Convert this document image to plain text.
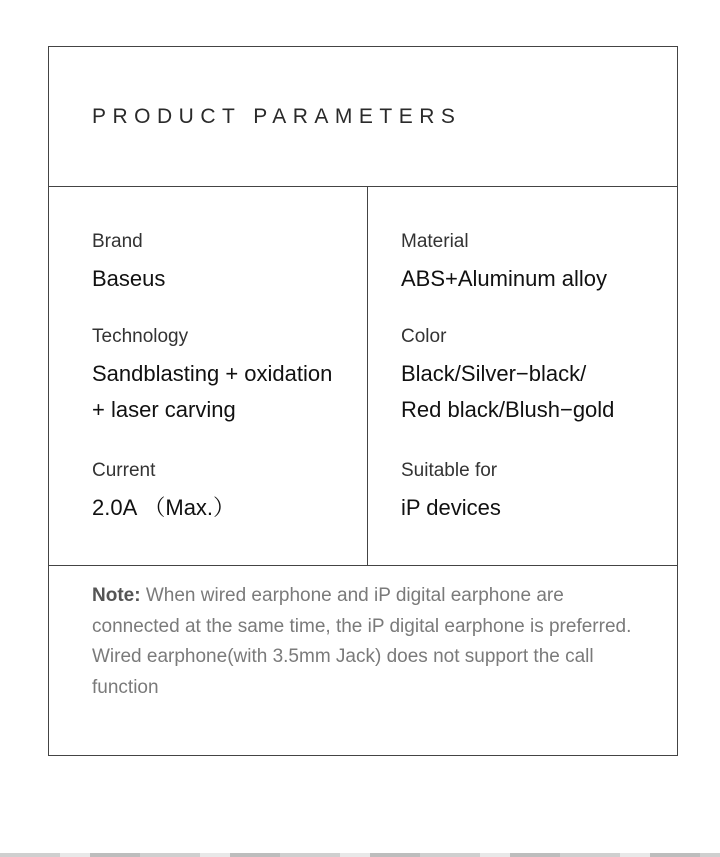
PRODUCT PARAMETERS
Brand
Baseus
Technology
Sandblasting + oxidation
+ laser carving
Current
2.0A （Max.）
Material
ABS+Aluminum alloy
Color
Black/Silver−black/
Red black/Blush−gold
Suitable for
iP devices
Note: When wired earphone and iP digital earphone are connected at the same time, the iP digital earphone is preferred. Wired earphone(with 3.5mm Jack) does not support the call function
